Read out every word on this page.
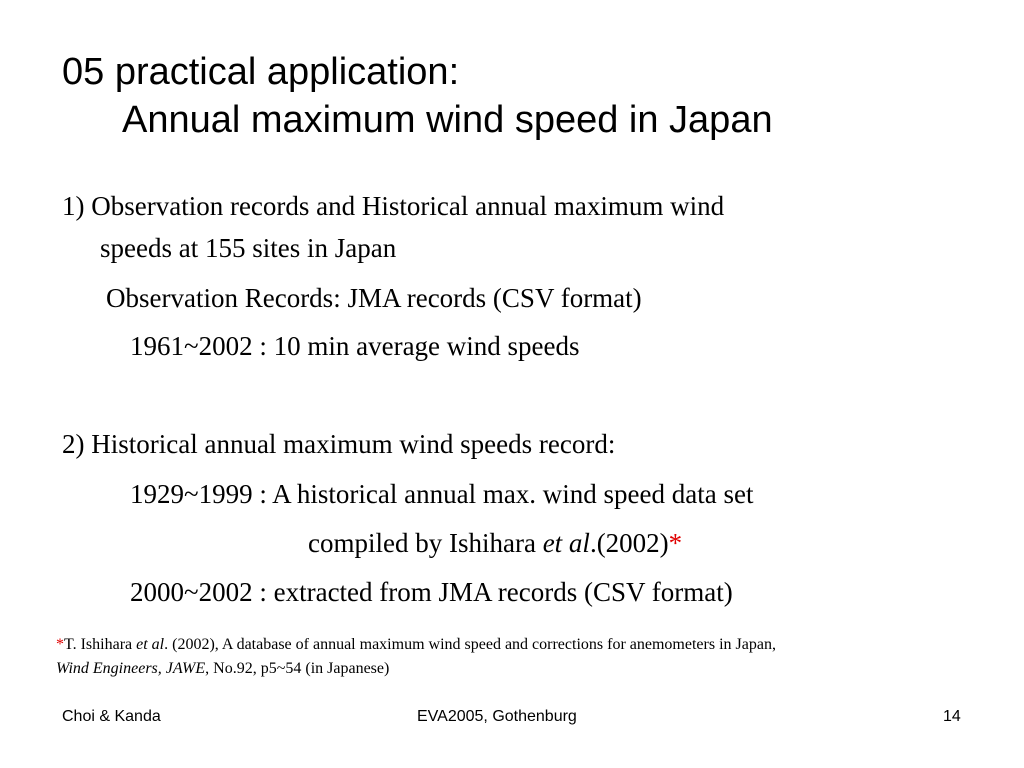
05 practical application:
Annual maximum wind speed in Japan
1) Observation records and Historical annual maximum wind
speeds at 155 sites in Japan
Observation Records: JMA records (CSV format)
1961~2002 : 10 min average wind speeds
2) Historical annual maximum wind speeds record:
1929~1999 : A historical annual max. wind speed data set
compiled by Ishihara et al.(2002)*
2000~2002 : extracted from JMA records (CSV format)
*T. Ishihara et al. (2002), A database of annual maximum wind speed and corrections for anemometers in Japan,
Wind Engineers, JAWE, No.92, p5~54 (in Japanese)
Choi & Kanda	EVA2005, Gothenburg	14
